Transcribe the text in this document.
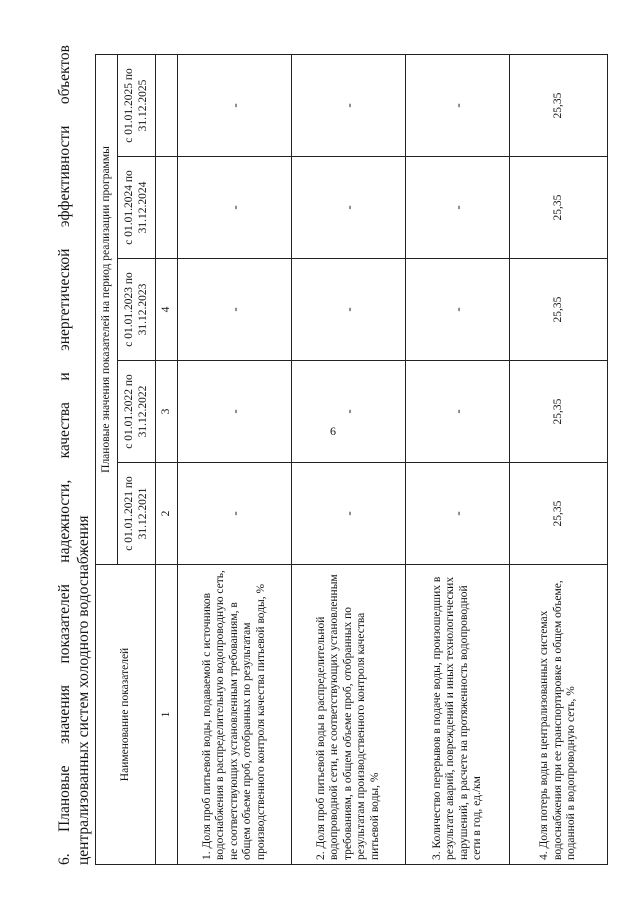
6
6. Плановые значения показателей надежности, качества и энергетической эффективности объектов централизованных систем холодного водоснабжения Наименование показателей	Плановые значения показателей на период реализации программы				
	с 01.01.2021 по 31.12.2021	с 01.01.2022 по 31.12.2022	с 01.01.2023 по 31.12.2023	с 01.01.2024 по 31.12.2024	с 01.01.2025 по 31.12.2025
1	2	3	4		
1. Доля проб питьевой воды, подаваемой с источников водоснабжения в распределительную водопроводную сеть, не соответствующих установленным требованиям, в общем объеме проб, отобранных по результатам производственного контроля качества питьевой воды, %	-	-	-	-	-
2. Доля проб питьевой воды в распределительной водопроводной сети, не соответствующих установленным требованиям, в общем объеме проб, отобранных по результатам производственного контроля качества питьевой воды, %	-	-	-	-	-
3. Количество перерывов в подаче воды, произошедших в результате аварий, повреждений и иных технологических нарушений, в расчете на протяженность водопроводной сети в год, ед./км	-	-	-	-	-
4. Доля потерь воды в централизованных системах водоснабжения при ее транспортировке в общем объеме, поданной в водопроводную сеть, %	25,35	25,35	25,35	25,35	25,35
